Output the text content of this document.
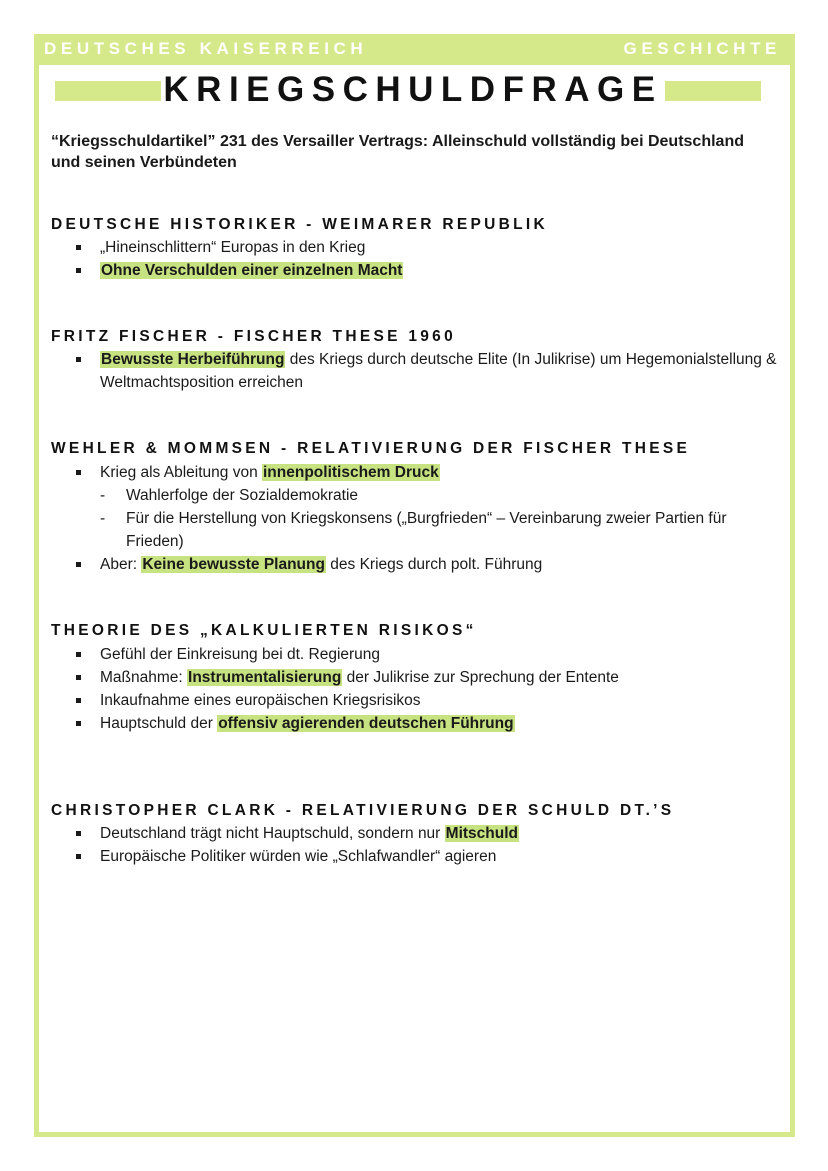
DEUTSCHES KAISERREICH	GESCHICHTE
KRIEGSCHULDFRAGE
“Kriegsschuldartikel” 231 des Versailler Vertrags: Alleinschuld vollständig bei Deutschland und seinen Verbündeten
DEUTSCHE HISTORIKER - WEIMARER REPUBLIK
„Hineinschlittern“ Europas in den Krieg
Ohne Verschulden einer einzelnen Macht
FRITZ FISCHER - FISCHER THESE 1960
Bewusste Herbeiführung des Kriegs durch deutsche Elite (In Julikrise) um Hegemonialstellung & Weltmachtsposition erreichen
WEHLER & MOMMSEN - RELATIVIERUNG DER FISCHER THESE
Krieg als Ableitung von innenpolitischem Druck
- Wahlerfolge der Sozialdemokratie
- Für die Herstellung von Kriegskonsens („Burgfrieden“ – Vereinbarung zweier Partien für Frieden)
Aber: Keine bewusste Planung des Kriegs durch polt. Führung
THEORIE DES „KALKULIERTEN RISIKOS“
Gefühl der Einkreisung bei dt. Regierung
Maßnahme: Instrumentalisierung der Julikrise zur Sprechung der Entente
Inkaufnahme eines europäischen Kriegsrisikos
Hauptschuld der offensiv agierenden deutschen Führung
CHRISTOPHER CLARK - RELATIVIERUNG DER SCHULD DT.’S
Deutschland trägt nicht Hauptschuld, sondern nur Mitschuld
Europäische Politiker würden wie „Schlafwandler“ agieren
